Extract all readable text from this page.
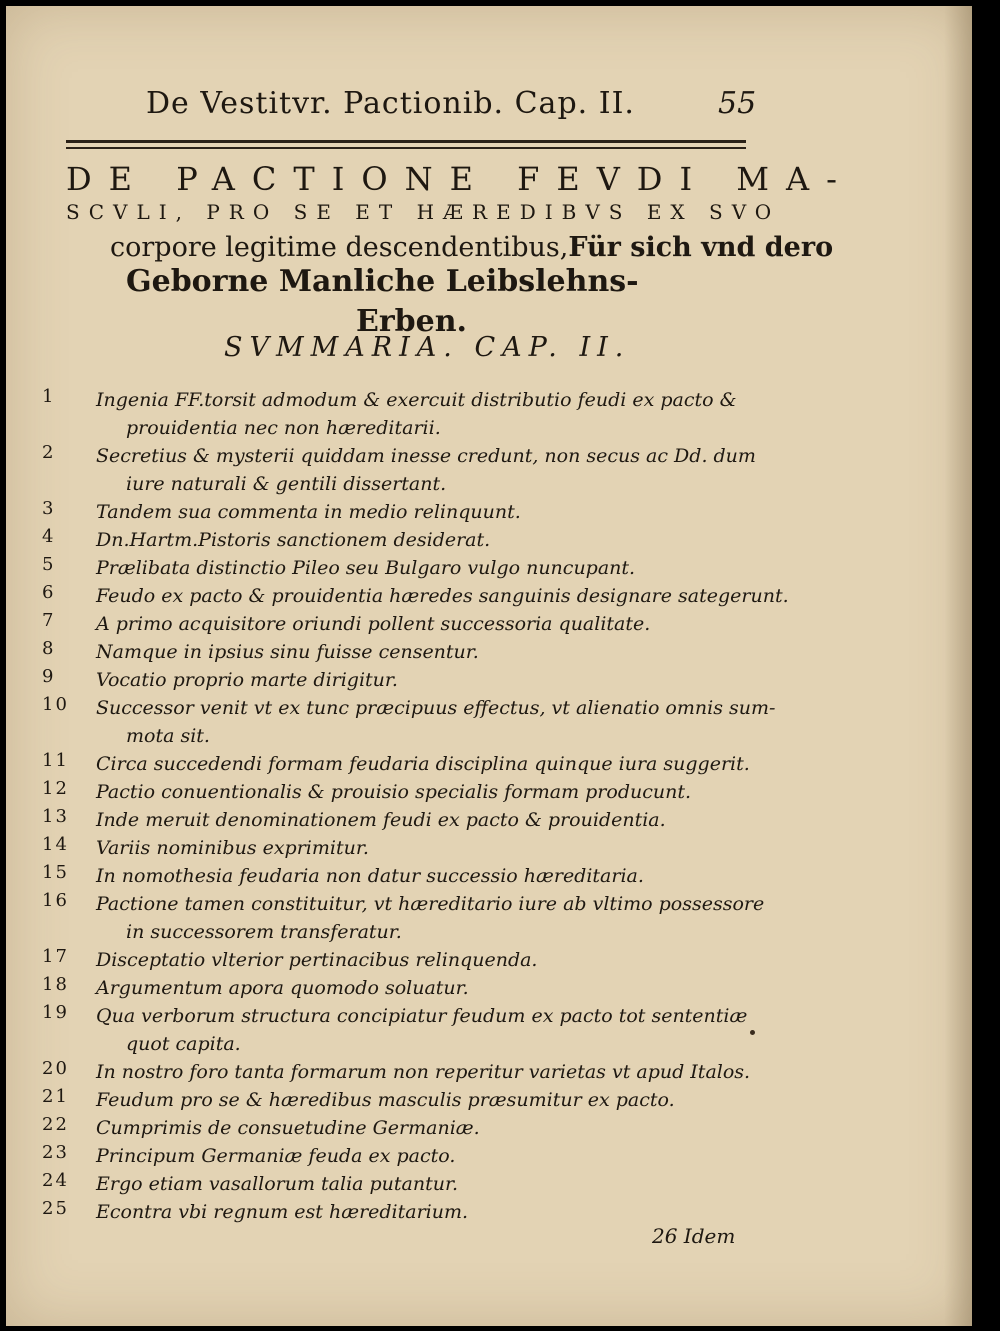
De Vestitvr. Pactionib. Cap. II.	55
DE PACTIONE FEVDI MA-
SCVLI, PRO SE ET HÆREDIBVS EX SVO
corpore legitime descendentibus,Für sich vnd dero
Geborne Manliche Leibslehns-
Erben.
SVMMARIA. CAP. II.
1	Ingenia FF.torsit admodum & exercuit distributio feudi ex pacto &
prouidentia nec non hæreditarii.
2	Secretius & mysterii quiddam inesse credunt, non secus ac Dd. dum
iure naturali & gentili dissertant.
3	Tandem sua commenta in medio relinquunt.
4	Dn.Hartm.Pistoris sanctionem desiderat.
5	Prælibata distinctio Pileo seu Bulgaro vulgo nuncupant.
6	Feudo ex pacto & prouidentia hæredes sanguinis designare sategerunt.
7	A primo acquisitore oriundi pollent successoria qualitate.
8	Namque in ipsius sinu fuisse censentur.
9	Vocatio proprio marte dirigitur.
10	Successor venit vt ex tunc præcipuus effectus, vt alienatio omnis sum-
mota sit.
11	Circa succedendi formam feudaria disciplina quinque iura suggerit.
12	Pactio conuentionalis & prouisio specialis formam producunt.
13	Inde meruit denominationem feudi ex pacto & prouidentia.
14	Variis nominibus exprimitur.
15	In nomothesia feudaria non datur successio hæreditaria.
16	Pactione tamen constituitur, vt hæreditario iure ab vltimo possessore
in successorem transferatur.
17	Disceptatio vlterior pertinacibus relinquenda.
18	Argumentum apora quomodo soluatur.
19	Qua verborum structura concipiatur feudum ex pacto tot sententiæ
quot capita.
20	In nostro foro tanta formarum non reperitur varietas vt apud Italos.
21	Feudum pro se & hæredibus masculis præsumitur ex pacto.
22	Cumprimis de consuetudine Germaniæ.
23	Principum Germaniæ feuda ex pacto.
24	Ergo etiam vasallorum talia putantur.
25	Econtra vbi regnum est hæreditarium.
26 Idem
